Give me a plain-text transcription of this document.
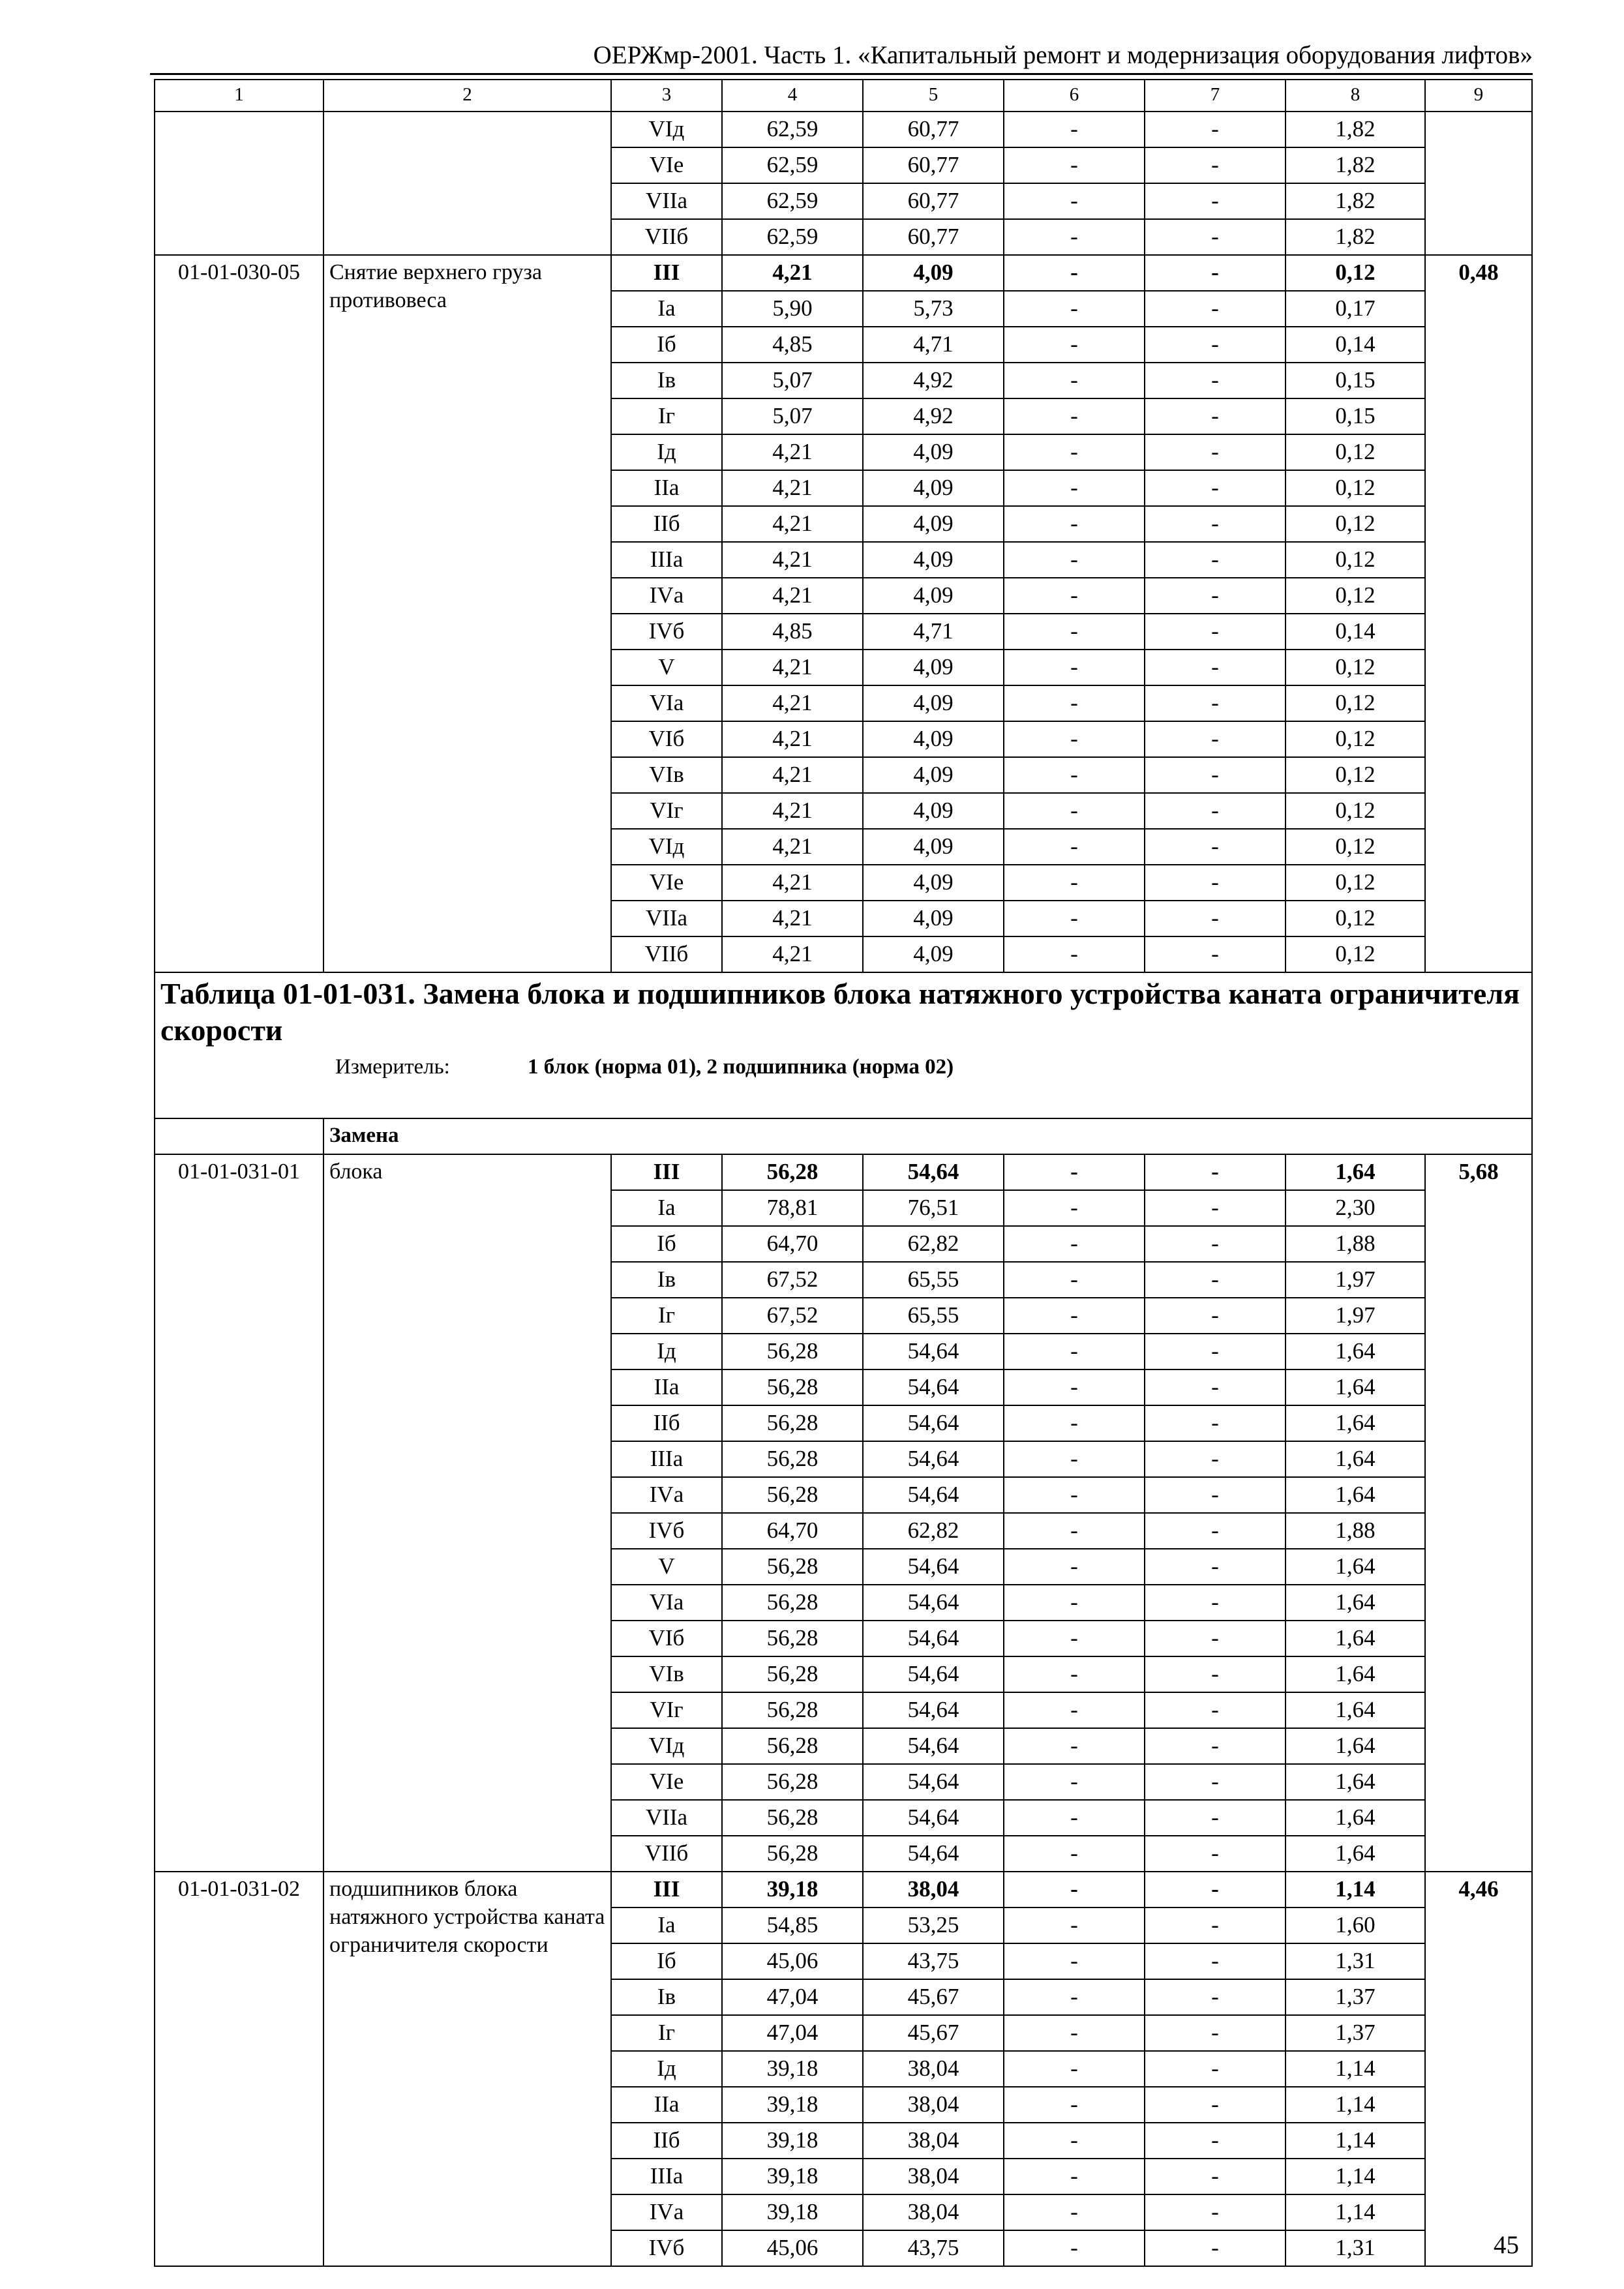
ОЕРЖмр-2001. Часть 1. «Капитальный ремонт и модернизация оборудования лифтов»
1	2	3	4	5	6	7	8	9
		VIд	62,59	60,77	-	-	1,82	
		VIе	62,59	60,77	-	-	1,82	
		VIIа	62,59	60,77	-	-	1,82	
		VIIб	62,59	60,77	-	-	1,82	
01-01-030-05	Снятие верхнего груза противовеса	III	4,21	4,09	-	-	0,12	0,48
		Iа	5,90	5,73	-	-	0,17	
		Iб	4,85	4,71	-	-	0,14	
		Iв	5,07	4,92	-	-	0,15	
		Iг	5,07	4,92	-	-	0,15	
		Iд	4,21	4,09	-	-	0,12	
		IIа	4,21	4,09	-	-	0,12	
		IIб	4,21	4,09	-	-	0,12	
		IIIа	4,21	4,09	-	-	0,12	
		IVа	4,21	4,09	-	-	0,12	
		IVб	4,85	4,71	-	-	0,14	
		V	4,21	4,09	-	-	0,12	
		VIа	4,21	4,09	-	-	0,12	
		VIб	4,21	4,09	-	-	0,12	
		VIв	4,21	4,09	-	-	0,12	
		VIг	4,21	4,09	-	-	0,12	
		VIд	4,21	4,09	-	-	0,12	
		VIе	4,21	4,09	-	-	0,12	
		VIIа	4,21	4,09	-	-	0,12	
		VIIб	4,21	4,09	-	-	0,12	

Таблица 01-01-031. Замена блока и подшипников блока натяжного устройства каната ограничителя скорости
Измеритель: 1 блок (норма 01), 2 подшипника (норма 02)								

	Замена							
01-01-031-01	блока	III	56,28	54,64	-	-	1,64	5,68
		Iа	78,81	76,51	-	-	2,30	
		Iб	64,70	62,82	-	-	1,88	
		Iв	67,52	65,55	-	-	1,97	
		Iг	67,52	65,55	-	-	1,97	
		Iд	56,28	54,64	-	-	1,64	
		IIа	56,28	54,64	-	-	1,64	
		IIб	56,28	54,64	-	-	1,64	
		IIIа	56,28	54,64	-	-	1,64	
		IVа	56,28	54,64	-	-	1,64	
		IVб	64,70	62,82	-	-	1,88	
		V	56,28	54,64	-	-	1,64	
		VIа	56,28	54,64	-	-	1,64	
		VIб	56,28	54,64	-	-	1,64	
		VIв	56,28	54,64	-	-	1,64	
		VIг	56,28	54,64	-	-	1,64	
		VIд	56,28	54,64	-	-	1,64	
		VIе	56,28	54,64	-	-	1,64	
		VIIа	56,28	54,64	-	-	1,64	
		VIIб	56,28	54,64	-	-	1,64	
01-01-031-02	подшипников блока натяжного устройства каната ограничителя скорости	III	39,18	38,04	-	-	1,14	4,46
		Iа	54,85	53,25	-	-	1,60	
		Iб	45,06	43,75	-	-	1,31	
		Iв	47,04	45,67	-	-	1,37	
		Iг	47,04	45,67	-	-	1,37	
		Iд	39,18	38,04	-	-	1,14	
		IIа	39,18	38,04	-	-	1,14	
		IIб	39,18	38,04	-	-	1,14	
		IIIа	39,18	38,04	-	-	1,14	
		IVа	39,18	38,04	-	-	1,14	
		IVб	45,06	43,75	-	-	1,31		45
